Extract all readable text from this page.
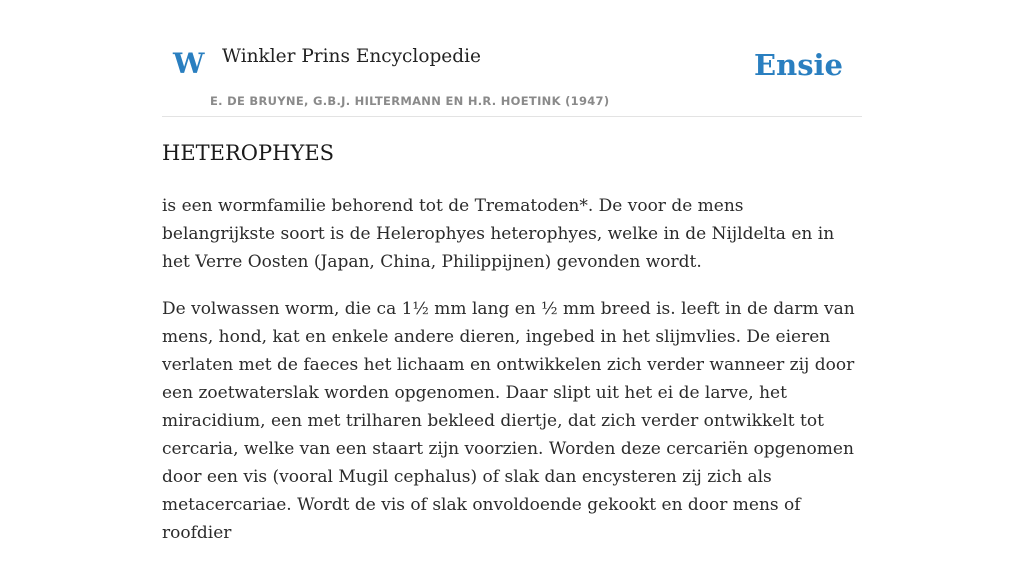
W Winkler Prins Encyclopedie
E. DE BRUYNE, G.B.J. HILTERMANN EN H.R. HOETINK (1947)
Ensie
HETEROPHYES

is een wormfamilie behorend tot de Trematoden*. De voor de mens belangrijkste soort is de Helerophyes heterophyes, welke in de Nijldelta en in het Verre Oosten (Japan, China, Philippijnen) gevonden wordt.

De volwassen worm, die ca 1½ mm lang en ½ mm breed is. leeft in de darm van mens, hond, kat en enkele andere dieren, ingebed in het slijmvlies. De eieren verlaten met de faeces het lichaam en ontwikkelen zich verder wanneer zij door een zoetwaterslak worden opgenomen. Daar slipt uit het ei de larve, het miracidium, een met trilharen bekleed diertje, dat zich verder ontwikkelt tot cercaria, welke van een staart zijn voorzien. Worden deze cercariën opgenomen door een vis (vooral Mugil cephalus) of slak dan encysteren zij zich als metacercariae. Wordt de vis of slak onvoldoende gekookt en door mens of roofdier
